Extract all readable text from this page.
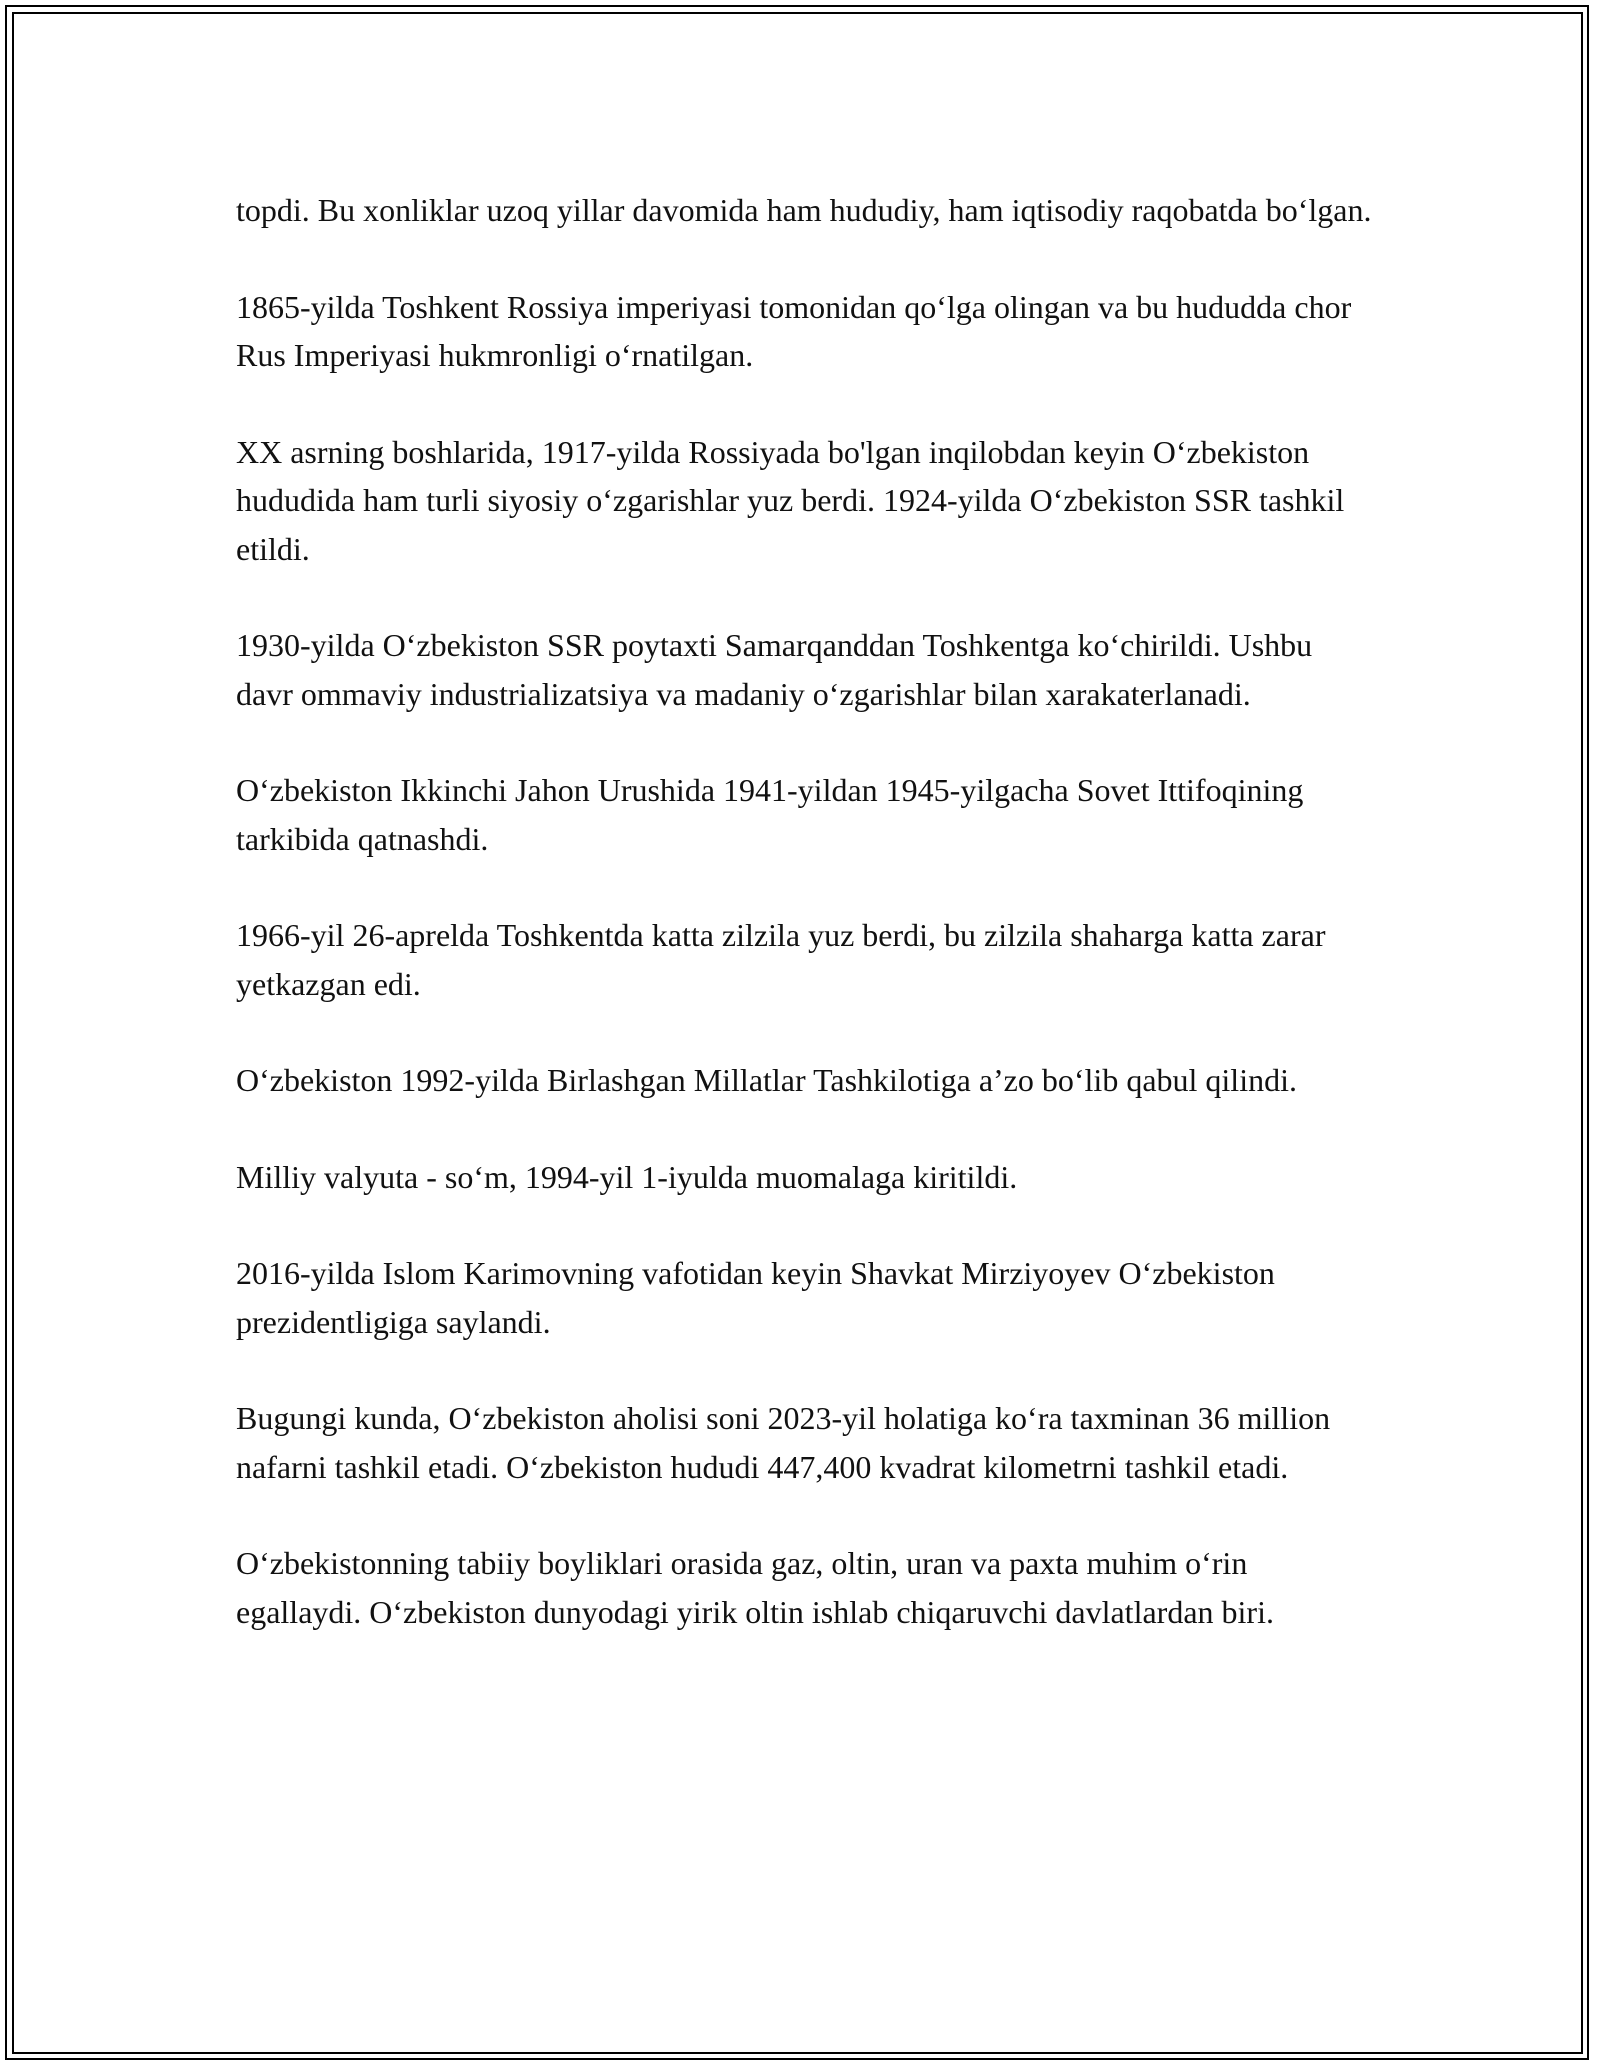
topdi. Bu xonliklar uzoq yillar davomida ham hududiy, ham iqtisodiy raqobatda bo‘lgan.

1865-yilda Toshkent Rossiya imperiyasi tomonidan qo‘lga olingan va bu hududda chor Rus Imperiyasi hukmronligi o‘rnatilgan.

XX asrning boshlarida, 1917-yilda Rossiyada bo'lgan inqilobdan keyin O‘zbekiston hududida ham turli siyosiy o‘zgarishlar yuz berdi. 1924-yilda O‘zbekiston SSR tashkil etildi.

1930-yilda O‘zbekiston SSR poytaxti Samarqanddan Toshkentga ko‘chirildi. Ushbu davr ommaviy industrializatsiya va madaniy o‘zgarishlar bilan xarakaterlanadi.

O‘zbekiston Ikkinchi Jahon Urushida 1941-yildan 1945-yilgacha Sovet Ittifoqining tarkibida qatnashdi.

1966-yil 26-aprelda Toshkentda katta zilzila yuz berdi, bu zilzila shaharga katta zarar yetkazgan edi.

O‘zbekiston 1992-yilda Birlashgan Millatlar Tashkilotiga a’zo bo‘lib qabul qilindi.

Milliy valyuta - so‘m, 1994-yil 1-iyulda muomalaga kiritildi.

2016-yilda Islom Karimovning vafotidan keyin Shavkat Mirziyoyev O‘zbekiston prezidentligiga saylandi.

Bugungi kunda, O‘zbekiston aholisi soni 2023-yil holatiga ko‘ra taxminan 36 million nafarni tashkil etadi. O‘zbekiston hududi 447,400 kvadrat kilometrni tashkil etadi.

O‘zbekistonning tabiiy boyliklari orasida gaz, oltin, uran va paxta muhim o‘rin egallaydi. O‘zbekiston dunyodagi yirik oltin ishlab chiqaruvchi davlatlardan biri.
